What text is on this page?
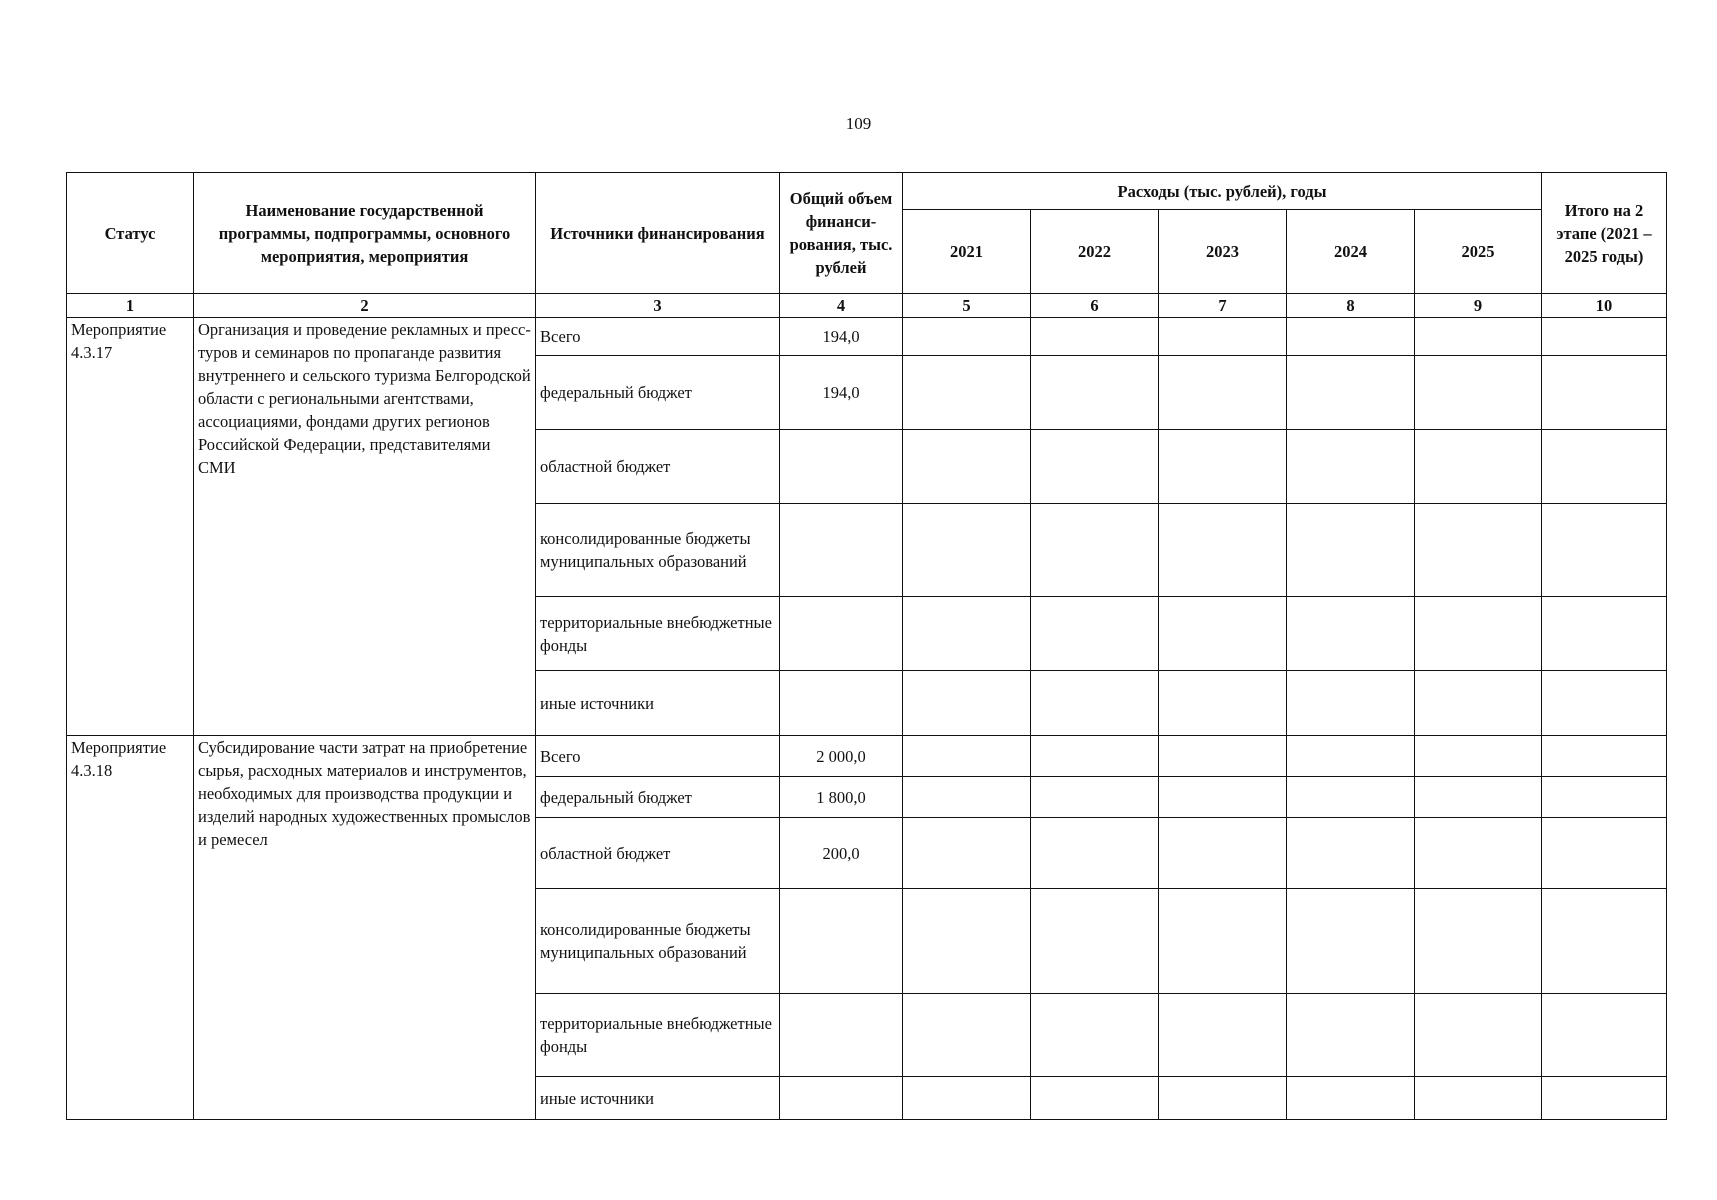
109
Статус	Наименование государственной программы, подпрограммы, основного мероприятия, мероприятия	Источники финансирования	Общий объем финанси- рования, тыс. рублей	Расходы (тыс. рублей), годы					Итого на 2 этапе (2021 – 2025 годы)
				2021	2022	2023	2024	2025	
1	2	3	4	5	6	7	8	9	10
Мероприятие 4.3.17	Организация и проведение рекламных и пресс-туров и семинаров по пропаганде развития внутреннего и сельского туризма Белгородской области с региональными агентствами, ассоциациями, фондами других регионов Российской Федерации, представителями СМИ	Всего	194,0						
		федеральный бюджет	194,0						
		областной бюджет							
		консолидированные бюджеты муниципальных образований							
		территориальные внебюджетные фонды							
		иные источники							
Мероприятие 4.3.18	Субсидирование части затрат на приобретение сырья, расходных материалов и инструментов, необходимых для производства продукции и изделий народных художественных промыслов и ремесел	Всего	2 000,0						
		федеральный бюджет	1 800,0						
		областной бюджет	200,0						
		консолидированные бюджеты муниципальных образований							
		территориальные внебюджетные фонды							
		иные источники							
